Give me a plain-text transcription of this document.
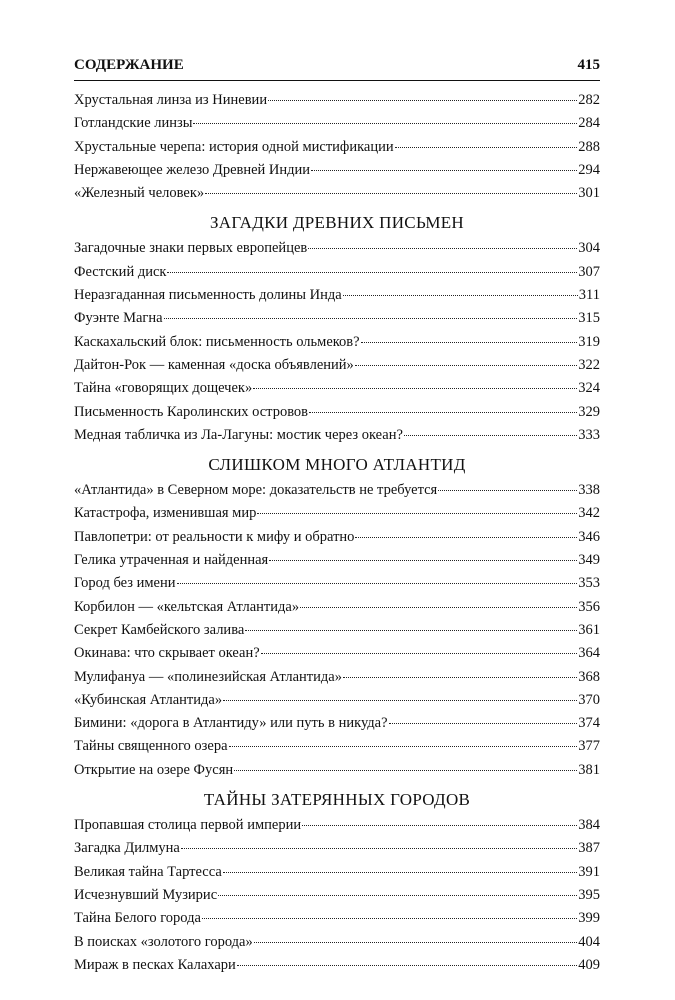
СОДЕРЖАНИЕ	415
Хрустальная линза из Ниневии	282
Готландские линзы	284
Хрустальные черепа: история одной мистификации	288
Нержавеющее железо Древней Индии	294
«Железный человек»	301
ЗАГАДКИ ДРЕВНИХ ПИСЬМЕН
Загадочные знаки первых европейцев	304
Фестский диск	307
Неразгаданная письменность долины Инда	311
Фуэнте Магна	315
Каскахальский блок: письменность ольмеков?	319
Дайтон-Рок — каменная «доска объявлений»	322
Тайна «говорящих дощечек»	324
Письменность Каролинских островов	329
Медная табличка из Ла-Лагуны: мостик через океан?	333
СЛИШКОМ МНОГО АТЛАНТИД
«Атлантида» в Северном море: доказательств не требуется	338
Катастрофа, изменившая мир	342
Павлопетри: от реальности к мифу и обратно	346
Гелика утраченная и найденная	349
Город без имени	353
Корбилон — «кельтская Атлантида»	356
Секрет Камбейского залива	361
Окинава: что скрывает океан?	364
Мулифануа — «полинезийская Атлантида»	368
«Кубинская Атлантида»	370
Бимини: «дорога в Атлантиду» или путь в никуда?	374
Тайны священного озера	377
Открытие на озере Фусян	381
ТАЙНЫ ЗАТЕРЯННЫХ ГОРОДОВ
Пропавшая столица первой империи	384
Загадка Дилмуна	387
Великая тайна Тартесса	391
Исчезнувший Музирис	395
Тайна Белого города	399
В поисках «золотого города»	404
Мираж в песках Калахари	409
